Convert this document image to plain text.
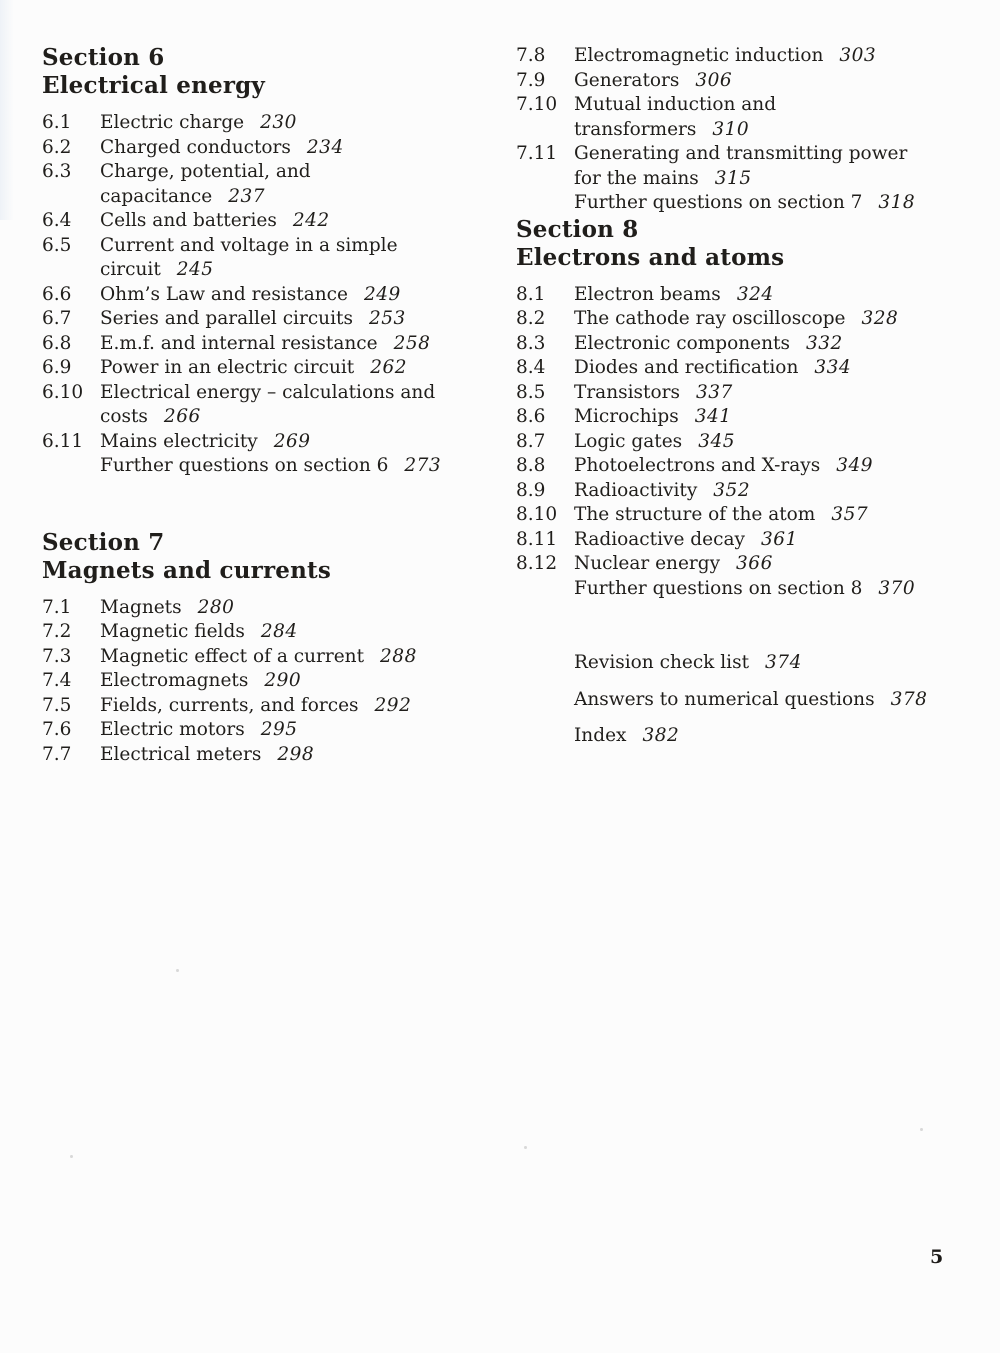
Section 6
Electrical energy
6.1	Electric charge 230
6.2	Charged conductors 234
6.3	Charge, potential, and
capacitance 237
6.4	Cells and batteries 242
6.5	Current and voltage in a simple
circuit 245
6.6	Ohm’s Law and resistance 249
6.7	Series and parallel circuits 253
6.8	E.m.f. and internal resistance 258
6.9	Power in an electric circuit 262
6.10 Electrical energy – calculations and
costs 266
6.11 Mains electricity 269
Further questions on section 6 273
Section 7
Magnets and currents
7.1	Magnets 280
7.2	Magnetic fields 284
7.3	Magnetic effect of a current 288
7.4	Electromagnets 290
7.5	Fields, currents, and forces 292
7.6	Electric motors 295
7.7	Electrical meters 298
7.8	Electromagnetic induction 303
7.9	Generators 306
7.10 Mutual induction and
transformers 310
7.11 Generating and transmitting power
for the mains 315
Further questions on section 7 318
Section 8
Electrons and atoms
8.1	Electron beams 324
8.2	The cathode ray oscilloscope 328
8.3	Electronic components 332
8.4	Diodes and rectification 334
8.5	Transistors 337
8.6	Microchips 341
8.7	Logic gates 345
8.8	Photoelectrons and X-rays 349
8.9	Radioactivity 352
8.10 The structure of the atom 357
8.11 Radioactive decay 361
8.12 Nuclear energy 366
Further questions on section 8 370
Revision check list 374
Answers to numerical questions 378
Index 382
5
